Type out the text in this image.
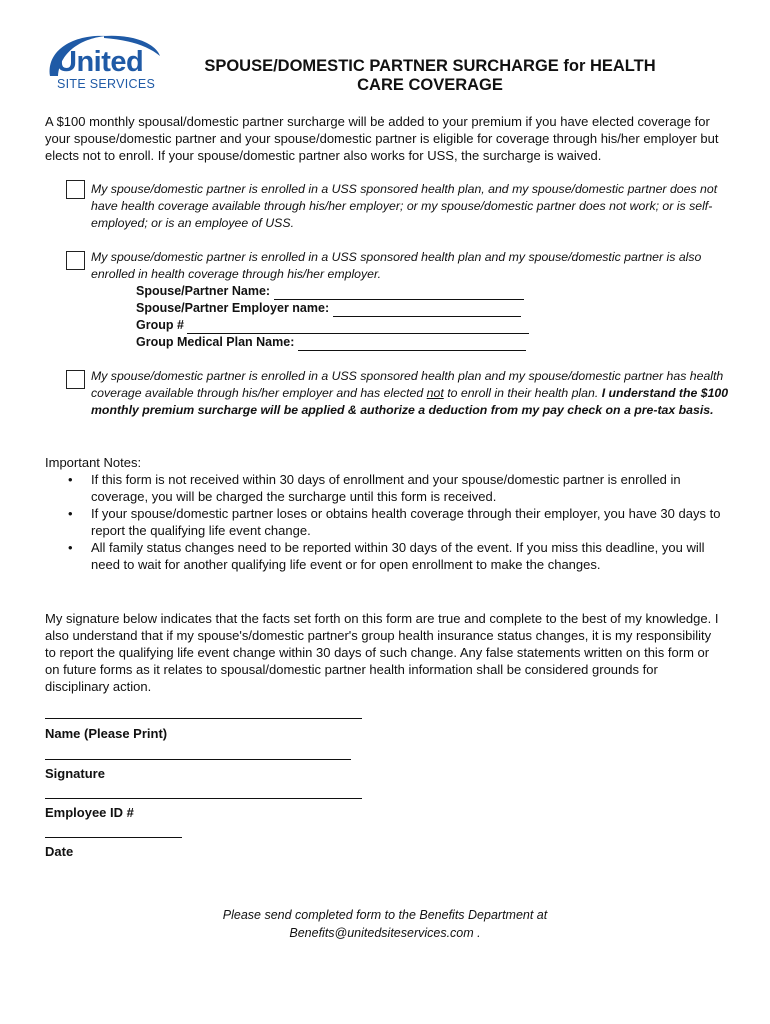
United
SITE SERVICES
SPOUSE/DOMESTIC PARTNER SURCHARGE for HEALTH
CARE COVERAGE
A $100 monthly spousal/domestic partner surcharge will be added to your premium if you have elected coverage for your spouse/domestic partner and your spouse/domestic partner is eligible for coverage through his/her employer but elects not to enroll. If your spouse/domestic partner also works for USS, the surcharge is waived.
My spouse/domestic partner is enrolled in a USS sponsored health plan, and my spouse/domestic partner does not have health coverage available through his/her employer; or my spouse/domestic partner does not work; or is self-employed; or is an employee of USS.
My spouse/domestic partner is enrolled in a USS sponsored health plan and my spouse/domestic partner is also enrolled in health coverage through his/her employer.
Spouse/Partner Name:
Spouse/Partner Employer name:
Group #
Group Medical Plan Name:
My spouse/domestic partner is enrolled in a USS sponsored health plan and my spouse/domestic partner has health coverage available through his/her employer and has elected not to enroll in their health plan. I understand the $100 monthly premium surcharge will be applied & authorize a deduction from my pay check on a pre-tax basis.
Important Notes:
• If this form is not received within 30 days of enrollment and your spouse/domestic partner is enrolled in coverage, you will be charged the surcharge until this form is received.
• If your spouse/domestic partner loses or obtains health coverage through their employer, you have 30 days to report the qualifying life event change.
• All family status changes need to be reported within 30 days of the event. If you miss this deadline, you will need to wait for another qualifying life event or for open enrollment to make the changes.
My signature below indicates that the facts set forth on this form are true and complete to the best of my knowledge. I also understand that if my spouse's/domestic partner's group health insurance status changes, it is my responsibility to report the qualifying life event change within 30 days of such change. Any false statements written on this form or on future forms as it relates to spousal/domestic partner health information shall be considered grounds for disciplinary action.
Name (Please Print)
Signature
Employee ID #
Date
Please send completed form to the Benefits Department at
Benefits@unitedsiteservices.com .
